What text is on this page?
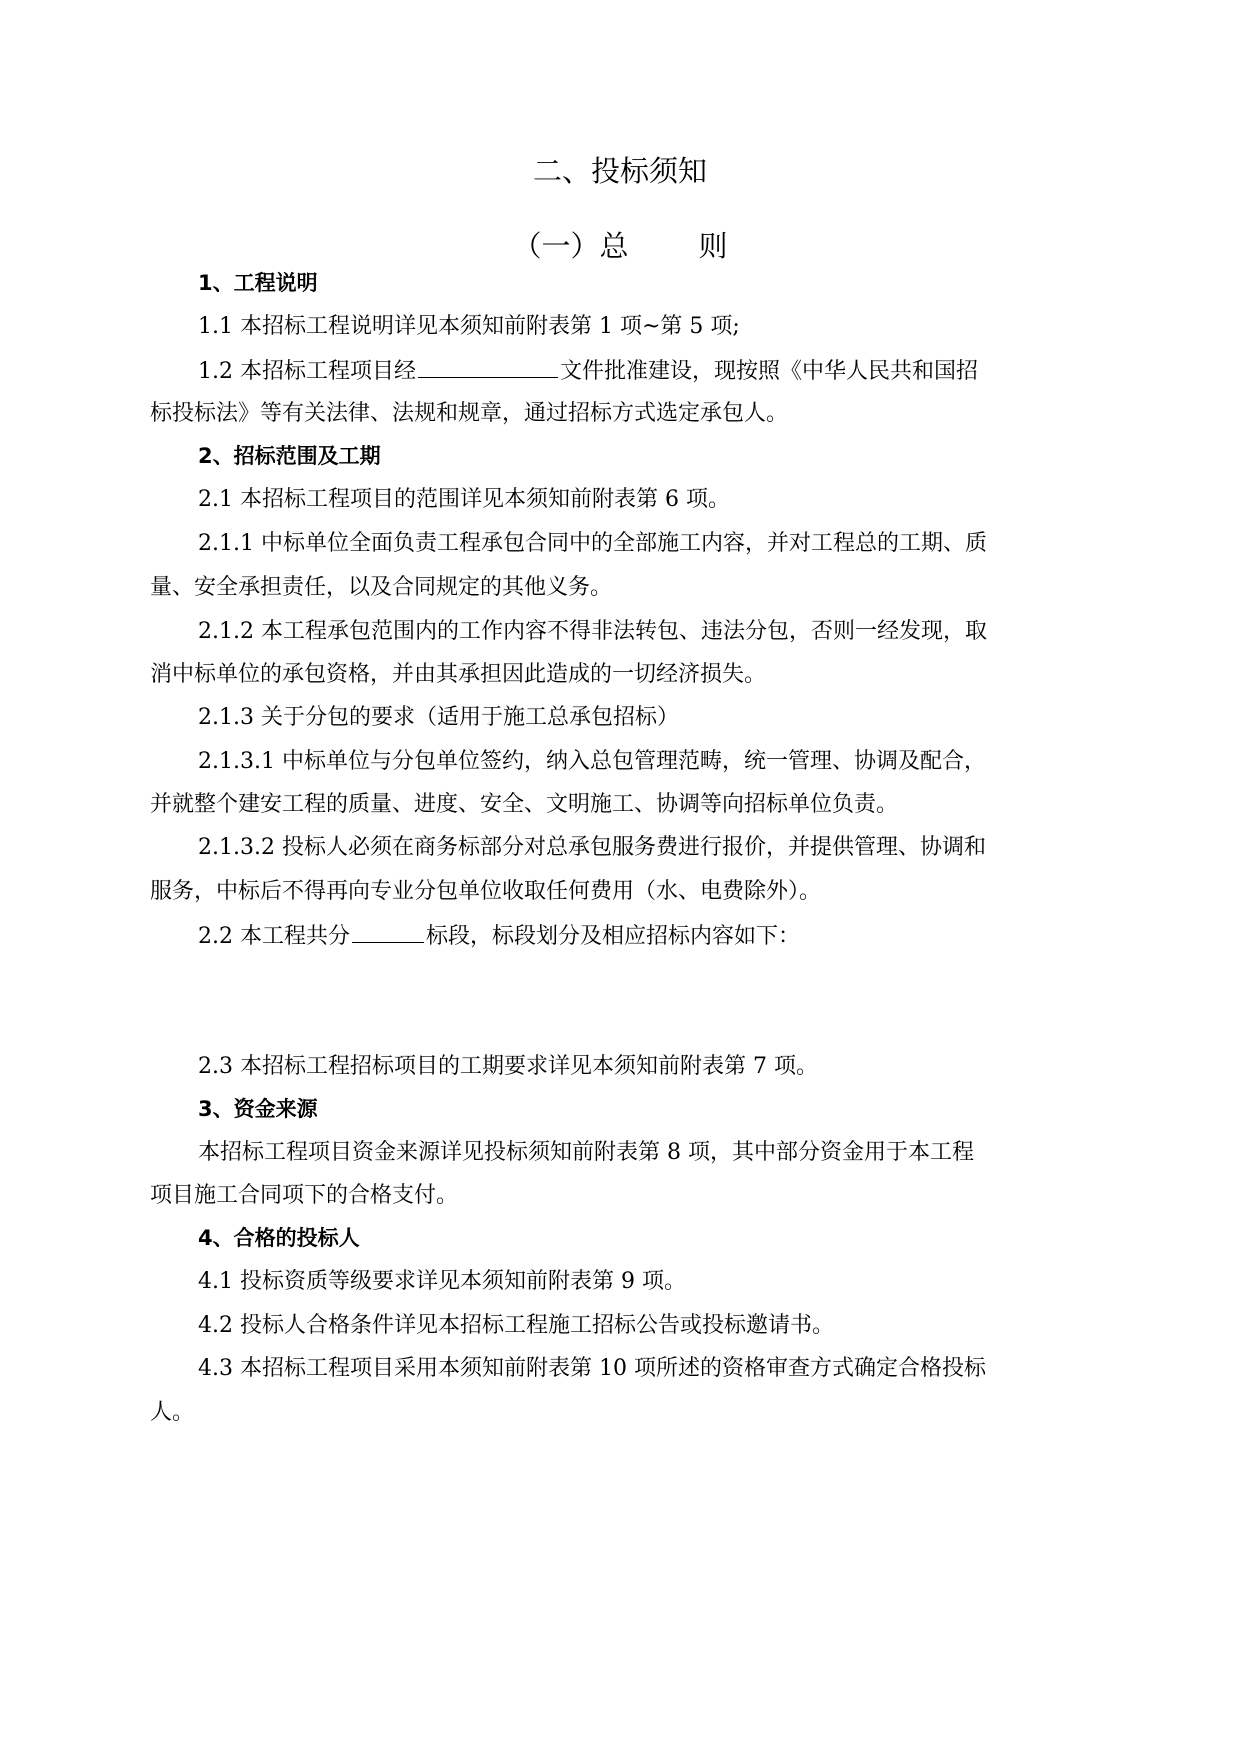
二、投标须知
（一）总 则
1、工程说明
1.1 本招标工程说明详见本须知前附表第 1 项~第 5 项;
1.2 本招标工程项目经	文件批准建设，现按照《中华人民共和国招
标投标法》等有关法律、法规和规章，通过招标方式选定承包人。
2、招标范围及工期
2.1 本招标工程项目的范围详见本须知前附表第 6 项。
2.1.1 中标单位全面负责工程承包合同中的全部施工内容，并对工程总的工期、质
量、安全承担责任，以及合同规定的其他义务。
2.1.2 本工程承包范围内的工作内容不得非法转包、违法分包，否则一经发现，取
消中标单位的承包资格，并由其承担因此造成的一切经济损失。
2.1.3 关于分包的要求（适用于施工总承包招标）
2.1.3.1 中标单位与分包单位签约，纳入总包管理范畴，统一管理、协调及配合，
并就整个建安工程的质量、进度、安全、文明施工、协调等向招标单位负责。
2.1.3.2 投标人必须在商务标部分对总承包服务费进行报价，并提供管理、协调和
服务，中标后不得再向专业分包单位收取任何费用（水、电费除外）。
2.2 本工程共分	标段，标段划分及相应招标内容如下：
2.3 本招标工程招标项目的工期要求详见本须知前附表第 7 项。
3、资金来源
本招标工程项目资金来源详见投标须知前附表第 8 项，其中部分资金用于本工程
项目施工合同项下的合格支付。
4、合格的投标人
4.1 投标资质等级要求详见本须知前附表第 9 项。
4.2 投标人合格条件详见本招标工程施工招标公告或投标邀请书。
4.3 本招标工程项目采用本须知前附表第 10 项所述的资格审查方式确定合格投标
人。
